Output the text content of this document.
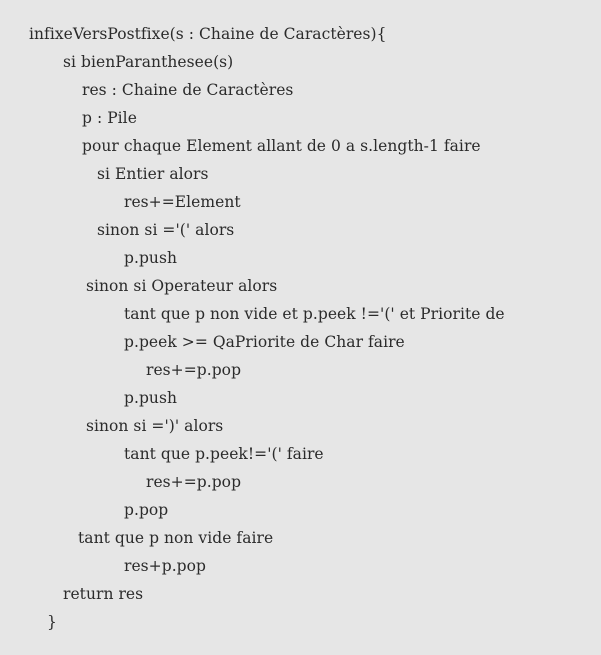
infixeVersPostfixe(s : Chaine de Caractères){
si bienParanthesee(s)
res : Chaine de Caractères
p : Pile
pour chaque Element allant de 0 a s.length-1 faire
si Entier alors
res+=Element
sinon si ='(' alors
p.push
sinon si Operateur alors
tant que p non vide et p.peek !='(' et Priorite de
p.peek >= QaPriorite de Char faire
res+=p.pop
p.push
sinon si =')' alors
tant que p.peek!='(' faire
res+=p.pop
p.pop
tant que p non vide faire
res+p.pop
return res
}
